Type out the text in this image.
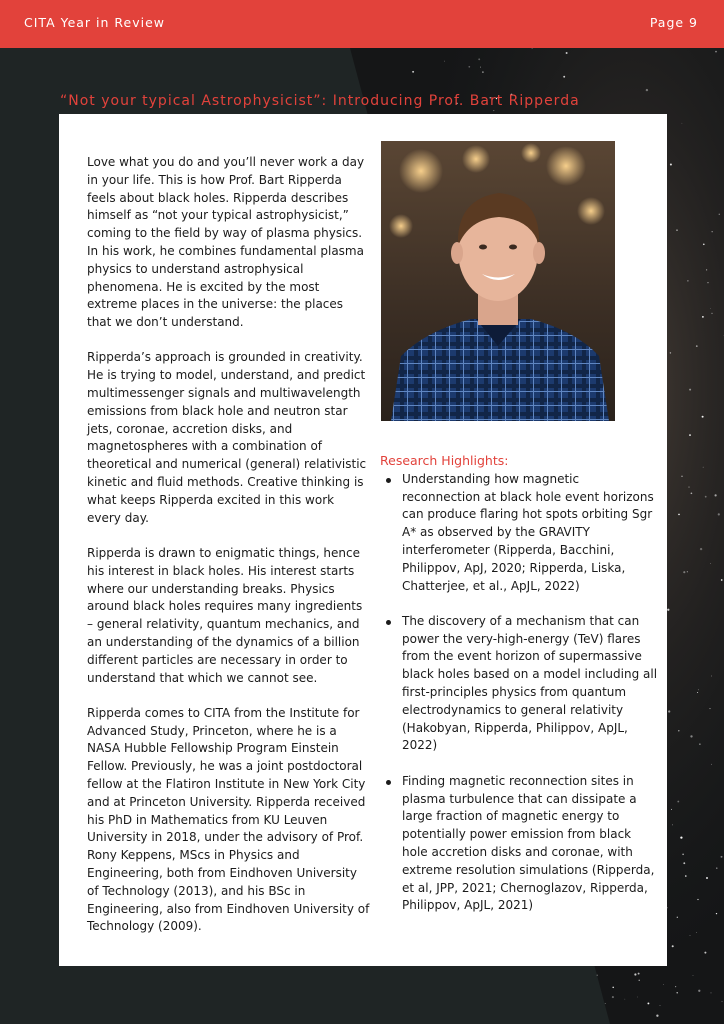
CITA Year in Review	Page 9
“Not your typical Astrophysicist”: Introducing Prof. Bart Ripperda

Love what you do and you’ll never work a day in your life. This is how Prof. Bart Ripperda feels about black holes. Ripperda describes himself as “not your typical astrophysicist,” coming to the field by way of plasma physics. In his work, he combines fundamental plasma physics to understand astrophysical phenomena. He is excited by the most extreme places in the universe: the places that we don’t understand.

Ripperda’s approach is grounded in creativity. He is trying to model, understand, and predict multimessenger signals and multiwavelength emissions from black hole and neutron star jets, coronae, accretion disks, and magnetospheres with a combination of theoretical and numerical (general) relativistic kinetic and fluid methods. Creative thinking is what keeps Ripperda excited in this work every day.

Ripperda is drawn to enigmatic things, hence his interest in black holes. His interest starts where our understanding breaks. Physics around black holes requires many ingredients – general relativity, quantum mechanics, and an understanding of the dynamics of a billion different particles are necessary in order to understand that which we cannot see.

Ripperda comes to CITA from the Institute for Advanced Study, Princeton, where he is a NASA Hubble Fellowship Program Einstein Fellow. Previously, he was a joint postdoctoral fellow at the Flatiron Institute in New York City and at Princeton University. Ripperda received his PhD in Mathematics from KU Leuven University in 2018, under the advisory of Prof. Rony Keppens, MScs in Physics and Engineering, both from Eindhoven University of Technology (2013), and his BSc in Engineering, also from Eindhoven University of Technology (2009).

Research Highlights:
Understanding how magnetic reconnection at black hole event horizons can produce flaring hot spots orbiting Sgr A* as observed by the GRAVITY interferometer (Ripperda, Bacchini, Philippov, ApJ, 2020; Ripperda, Liska, Chatterjee, et al., ApJL, 2022)
The discovery of a mechanism that can power the very-high-energy (TeV) flares from the event horizon of supermassive black holes based on a model including all first-principles physics from quantum electrodynamics to general relativity (Hakobyan, Ripperda, Philippov, ApJL, 2022)
Finding magnetic reconnection sites in plasma turbulence that can dissipate a large fraction of magnetic energy to potentially power emission from black hole accretion disks and coronae, with extreme resolution simulations (Ripperda, et al, JPP, 2021; Chernoglazov, Ripperda, Philippov, ApJL, 2021)
